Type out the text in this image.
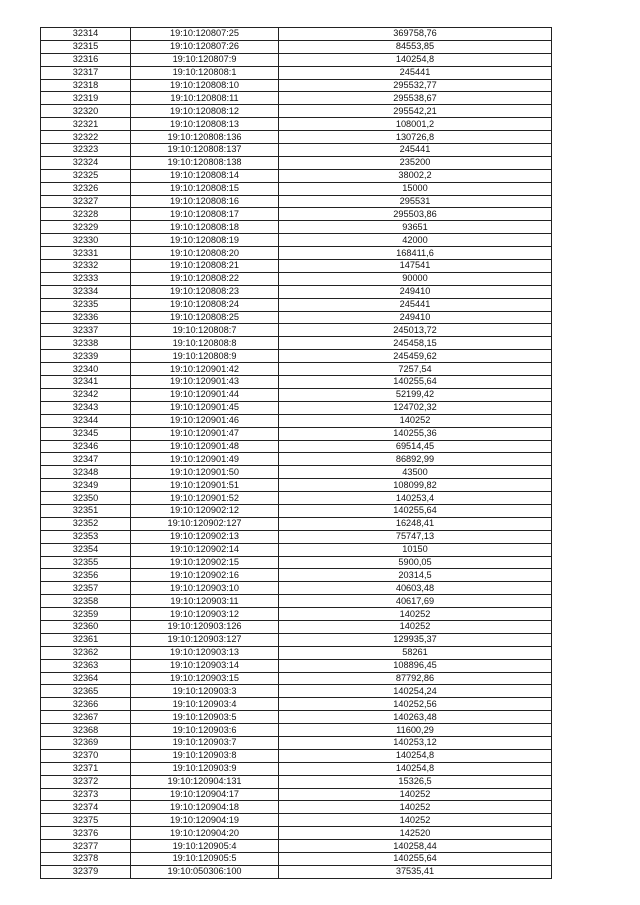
32314	19:10:120807:25	369758,76
32315	19:10:120807:26	84553,85
32316	19:10:120807:9	140254,8
32317	19:10:120808:1	245441
32318	19:10:120808:10	295532,77
32319	19:10:120808:11	295538,67
32320	19:10:120808:12	295542,21
32321	19:10:120808:13	108001,2
32322	19:10:120808:136	130726,8
32323	19:10:120808:137	245441
32324	19:10:120808:138	235200
32325	19:10:120808:14	38002,2
32326	19:10:120808:15	15000
32327	19:10:120808:16	295531
32328	19:10:120808:17	295503,86
32329	19:10:120808:18	93651
32330	19:10:120808:19	42000
32331	19:10:120808:20	168411,6
32332	19:10:120808:21	147541
32333	19:10:120808:22	90000
32334	19:10:120808:23	249410
32335	19:10:120808:24	245441
32336	19:10:120808:25	249410
32337	19:10:120808:7	245013,72
32338	19:10:120808:8	245458,15
32339	19:10:120808:9	245459,62
32340	19:10:120901:42	7257,54
32341	19:10:120901:43	140255,64
32342	19:10:120901:44	52199,42
32343	19:10:120901:45	124702,32
32344	19:10:120901:46	140252
32345	19:10:120901:47	140255,36
32346	19:10:120901:48	69514,45
32347	19:10:120901:49	86892,99
32348	19:10:120901:50	43500
32349	19:10:120901:51	108099,82
32350	19:10:120901:52	140253,4
32351	19:10:120902:12	140255,64
32352	19:10:120902:127	16248,41
32353	19:10:120902:13	75747,13
32354	19:10:120902:14	10150
32355	19:10:120902:15	5900,05
32356	19:10:120902:16	20314,5
32357	19:10:120903:10	40603,48
32358	19:10:120903:11	40617,69
32359	19:10:120903:12	140252
32360	19:10:120903:126	140252
32361	19:10:120903:127	129935,37
32362	19:10:120903:13	58261
32363	19:10:120903:14	108896,45
32364	19:10:120903:15	87792,86
32365	19:10:120903:3	140254,24
32366	19:10:120903:4	140252,56
32367	19:10:120903:5	140263,48
32368	19:10:120903:6	11600,29
32369	19:10:120903:7	140253,12
32370	19:10:120903:8	140254,8
32371	19:10:120903:9	140254,8
32372	19:10:120904:131	15326,5
32373	19:10:120904:17	140252
32374	19:10:120904:18	140252
32375	19:10:120904:19	140252
32376	19:10:120904:20	142520
32377	19:10:120905:4	140258,44
32378	19:10:120905:5	140255,64
32379	19:10:050306:100	37535,41
